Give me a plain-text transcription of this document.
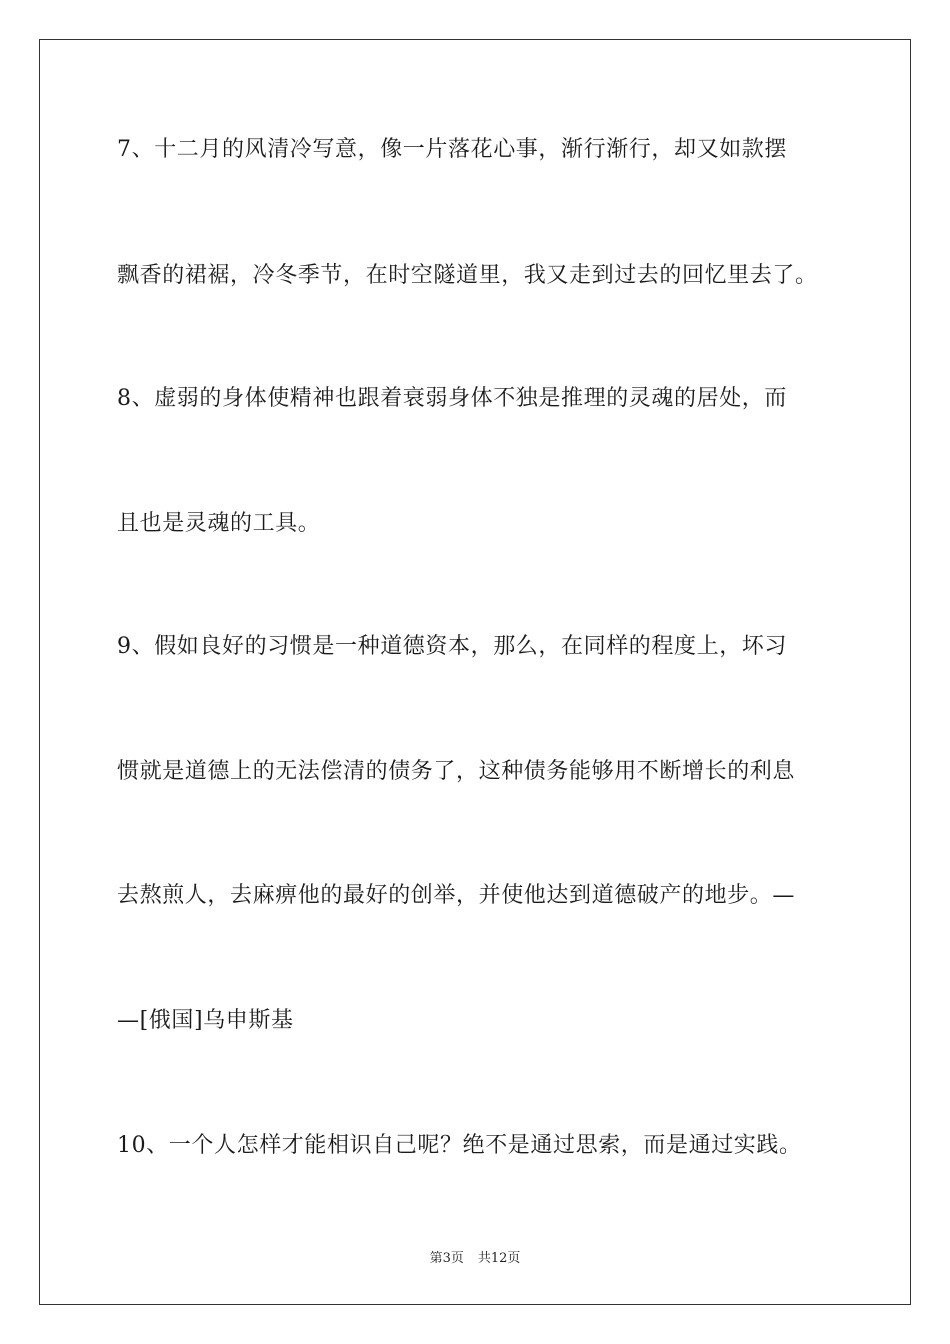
7、十二月的风清冷写意，像一片落花心事，渐行渐行，却又如款摆
飘香的裙裾，冷冬季节，在时空隧道里，我又走到过去的回忆里去了。
8、虚弱的身体使精神也跟着衰弱身体不独是推理的灵魂的居处，而
且也是灵魂的工具。
9、假如良好的习惯是一种道德资本，那么，在同样的程度上，坏习
惯就是道德上的无法偿清的债务了，这种债务能够用不断增长的利息
去熬煎人，去麻痹他的最好的创举，并使他达到道德破产的地步。—
—[俄国]乌申斯基
10、一个人怎样才能相识自己呢？绝不是通过思索，而是通过实践。
第3页 共12页
